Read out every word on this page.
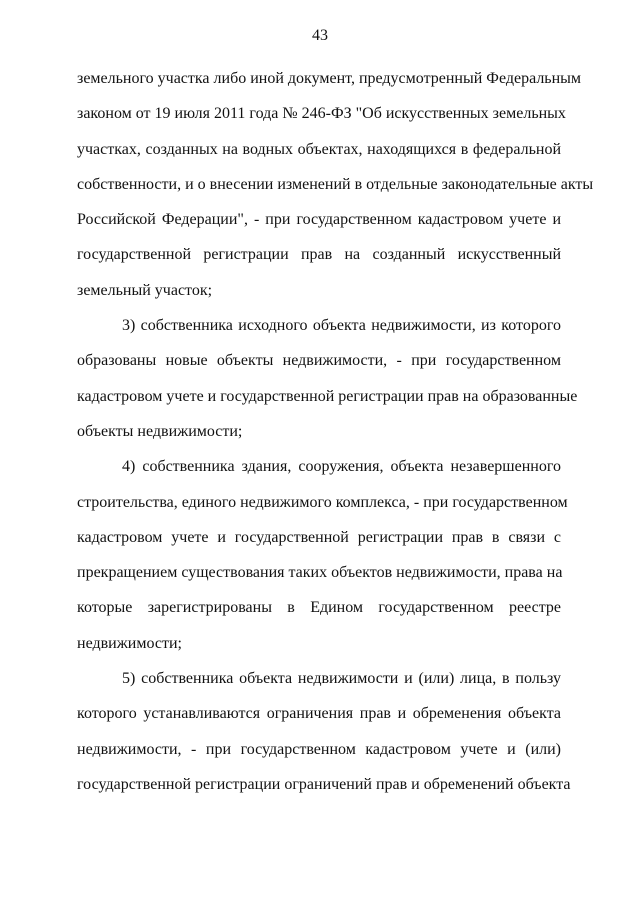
43
земельного участка либо иной документ, предусмотренный Федеральным
законом от 19 июля 2011 года № 246-ФЗ "Об искусственных земельных
участках, созданных на водных объектах, находящихся в федеральной
собственности, и о внесении изменений в отдельные законодательные акты
Российской Федерации", - при государственном кадастровом учете и
государственной регистрации прав на созданный искусственный
земельный участок;
3) собственника исходного объекта недвижимости, из которого
образованы новые объекты недвижимости, - при государственном
кадастровом учете и государственной регистрации прав на образованные
объекты недвижимости;
4) собственника здания, сооружения, объекта незавершенного
строительства, единого недвижимого комплекса, - при государственном
кадастровом учете и государственной регистрации прав в связи с
прекращением существования таких объектов недвижимости, права на
которые зарегистрированы в Едином государственном реестре
недвижимости;
5) собственника объекта недвижимости и (или) лица, в пользу
которого устанавливаются ограничения прав и обременения объекта
недвижимости, - при государственном кадастровом учете и (или)
государственной регистрации ограничений прав и обременений объекта
